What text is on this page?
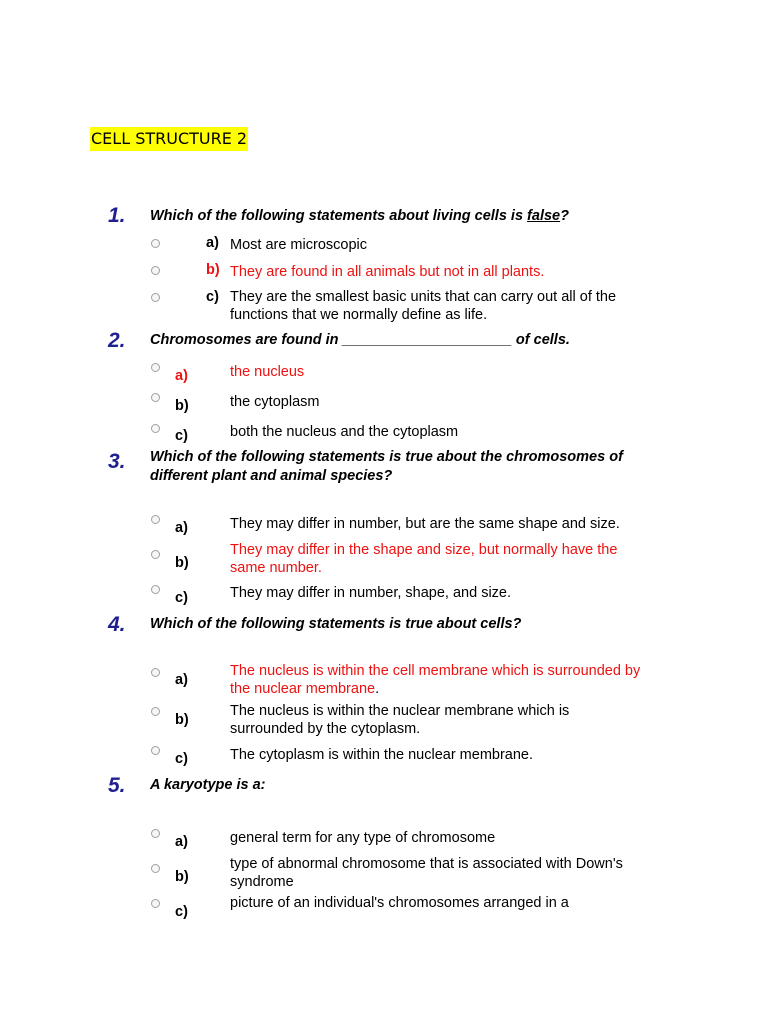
CELL STRUCTURE 2
1. Which of the following statements about living cells is false?
a) Most are microscopic
b) They are found in all animals but not in all plants.
c) They are the smallest basic units that can carry out all of the functions that we normally define as life.
2. Chromosomes are found in _____________________ of cells.
a)	the nucleus
b)	the cytoplasm
c)	both the nucleus and the cytoplasm
3. Which of the following statements is true about the chromosomes of different plant and animal species?
a)	They may differ in number, but are the same shape and size.
b)
They may differ in the shape and size, but normally have the same number.
c)	They may differ in number, shape, and size.
4. Which of the following statements is true about cells?
a)
The nucleus is within the cell membrane which is surrounded by the nuclear membrane.
b)
The nucleus is within the nuclear membrane which is surrounded by the cytoplasm.
c)	The cytoplasm is within the nuclear membrane.
5. A karyotype is a:
a)	general term for any type of chromosome
b)
type of abnormal chromosome that is associated with Down's syndrome
c)
picture of an individual's chromosomes arranged in a
